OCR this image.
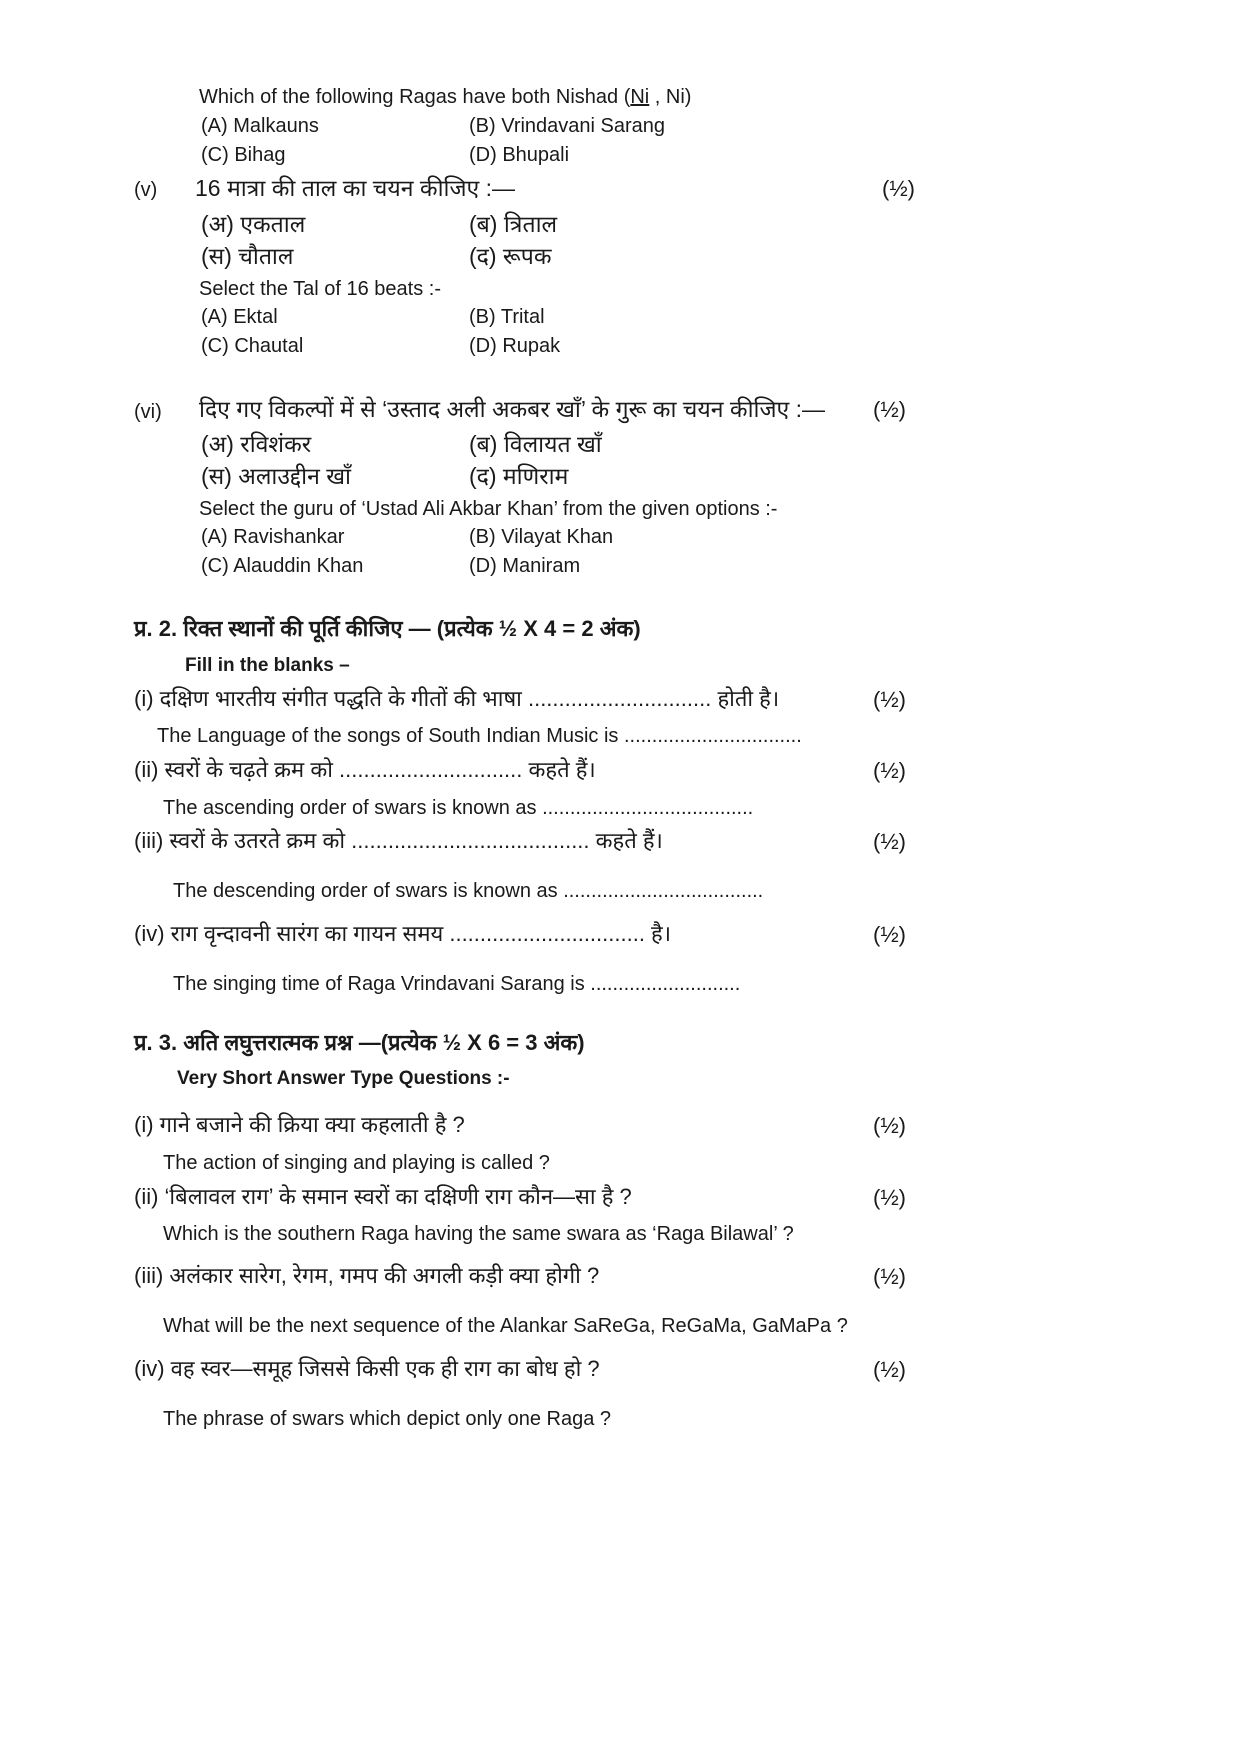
Which of the following Ragas have both Nishad (Ni , Ni)
(A) Malkauns	(B) Vrindavani Sarang
(C) Bihag	(D) Bhupali
(v) 16 मात्रा की ताल का चयन कीजिए :—	(½)
(अ) एकताल	(ब) त्रिताल
(स) चौताल	(द) रूपक
Select the Tal of 16 beats :-
(A) Ektal	(B) Trital
(C) Chautal	(D) Rupak
(vi) दिए गए विकल्पों में से ‘उस्ताद अली अकबर खाँ’ के गुरू का चयन कीजिए :— (½)
(अ) रविशंकर	(ब) विलायत खाँ
(स) अलाउद्दीन खाँ	(द) मणिराम
Select the guru of ‘Ustad Ali Akbar Khan’ from the given options :-
(A) Ravishankar	(B) Vilayat Khan
(C) Alauddin Khan	(D) Maniram
प्र. 2. रिक्त स्थानों की पूर्ति कीजिए — (प्रत्येक ½ X 4 = 2 अंक)
Fill in the blanks –
(i) दक्षिण भारतीय संगीत पद्धति के गीतों की भाषा .............................. होती है।	(½)
The Language of the songs of South Indian Music is ................................
(ii) स्वरों के चढ़ते क्रम को .............................. कहते हैं।	(½)
The ascending order of swars is known as ......................................
(iii) स्वरों के उतरते क्रम को ....................................... कहते हैं।	(½)
The descending order of swars is known as ....................................
(iv) राग वृन्दावनी सारंग का गायन समय ................................ है।	(½)
The singing time of Raga Vrindavani Sarang is ...........................
प्र. 3. अति लघुत्तरात्मक प्रश्न —(प्रत्येक ½ X 6 = 3 अंक)
Very Short Answer Type Questions :-
(i) गाने बजाने की क्रिया क्या कहलाती है ?	(½)
The action of singing and playing is called ?
(ii) ‘बिलावल राग’ के समान स्वरों का दक्षिणी राग कौन—सा है ?	(½)
Which is the southern Raga having the same swara as ‘Raga Bilawal’ ?
(iii) अलंकार सारेग, रेगम, गमप की अगली कड़ी क्या होगी ?	(½)
What will be the next sequence of the Alankar SaReGa, ReGaMa, GaMaPa ?
(iv) वह स्वर—समूह जिससे किसी एक ही राग का बोध हो ?	(½)
The phrase of swars which depict only one Raga ?
